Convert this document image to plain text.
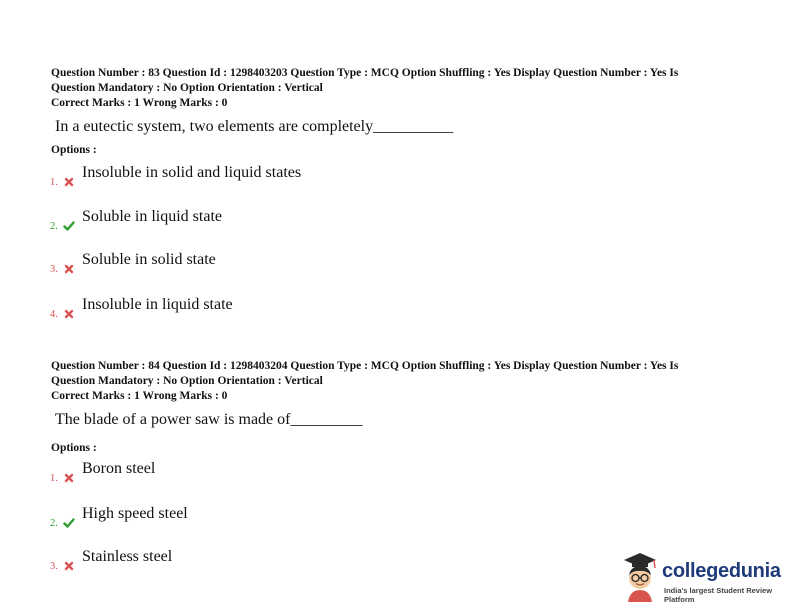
Question Number : 83 Question Id : 1298403203 Question Type : MCQ Option Shuffling : Yes Display Question Number : Yes Is
Question Mandatory : No Option Orientation : Vertical
Correct Marks : 1 Wrong Marks : 0
In a eutectic system, two elements are completely__________
Options :
1.
Insoluble in solid and liquid states
2.
Soluble in liquid state
3.
Soluble in solid state
4.
Insoluble in liquid state
Question Number : 84 Question Id : 1298403204 Question Type : MCQ Option Shuffling : Yes Display Question Number : Yes Is
Question Mandatory : No Option Orientation : Vertical
Correct Marks : 1 Wrong Marks : 0
The blade of a power saw is made of_________
Options :
1.
Boron steel
2.
High speed steel
3.
Stainless steel
collegedunia
India's largest Student Review Platform
